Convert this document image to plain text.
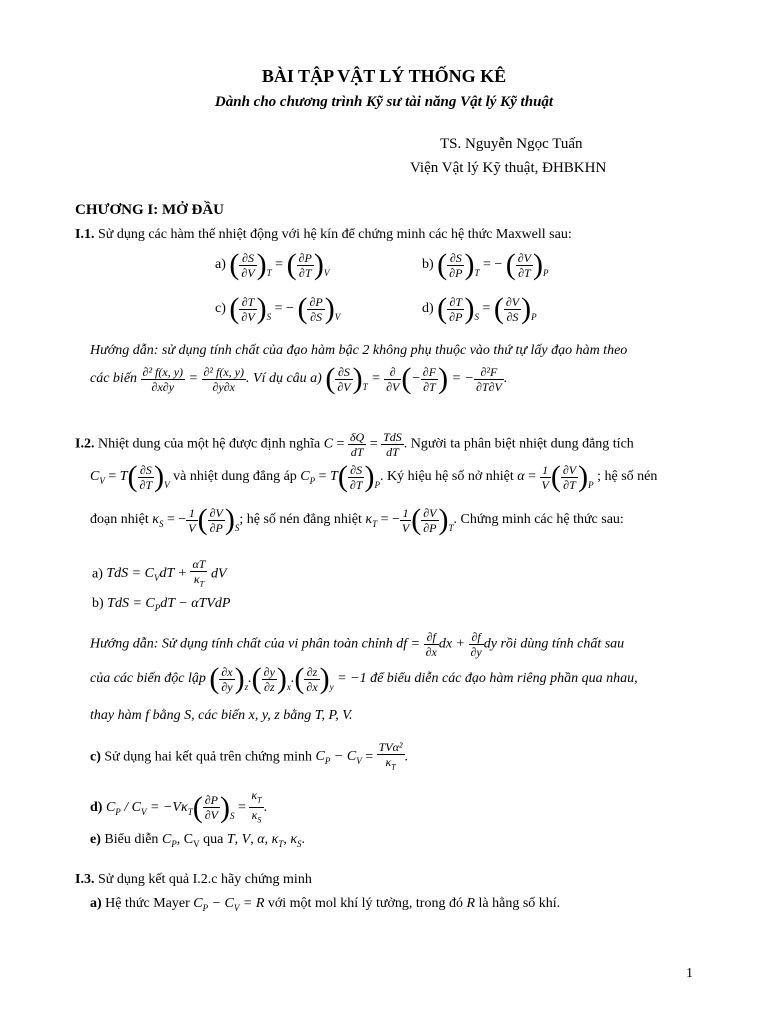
BÀI TẬP VẬT LÝ THỐNG KÊ
Dành cho chương trình Kỹ sư tài năng Vật lý Kỹ thuật
TS. Nguyễn Ngọc Tuấn
Viện Vật lý Kỹ thuật, ĐHBKHN
CHƯƠNG I: MỞ ĐẦU
I.1. Sử dụng các hàm thế nhiệt động với hệ kín để chứng minh các hệ thức Maxwell sau:
a) ( $\frac{\partial S}{\partial V} )_T$ = ( $\frac{\partial P}{\partial T} )_V$
b) ( $\frac{\partial S}{\partial P} )_T$ = − ( $\frac{\partial V}{\partial T} )_P$
c) ( $\frac{\partial T}{\partial V} )_S$ = − ( $\frac{\partial P}{\partial S} )_V$
d) ( $\frac{\partial T}{\partial P} )_S$ = ( $\frac{\partial V}{\partial S} )_P$
Hướng dẫn: sử dụng tính chất của đạo hàm bậc 2 không phụ thuộc vào thứ tự lấy đạo hàm theo
các biến $\frac{\text{∂² f(x, y)}}{\partial x\partial y} = \frac{\text{∂² f(x, y)}}{\partial y\partial x}$ . Ví dụ câu a) ( $\frac{\partial S}{\partial V} )_T = \frac{\partial}{\partial V}$ (− $\frac{\partial F}{\partial T}$ ) = − $\frac{\text{∂²F}}{\partial T\partial V}$ .
I.2. Nhiệt dung của một hệ được định nghĩa $C = \frac{\delta Q}{dT} = \frac{\text{TdS}}{dT}$ . Người ta phân biệt nhiệt dung đẳng tích
$C_V = T( \frac{\partial S}{\partial T} )_V$ và nhiệt dung đẳng áp $C_P = T( \frac{\partial S}{\partial T} )_P$. Ký hiệu hệ số nở nhiệt $\alpha = \frac{1}{V}$ ( $\frac{\partial V}{\partial T} )_P$ ; hệ số nén
đoạn nhiệt $\kappa_S$ = − $\frac{1}{V}$ ( $\frac{\partial V}{\partial P} )_S$; hệ số nén đẳng nhiệt $\kappa_T$ = − $\frac{1}{V}$ ( $\frac{\partial V}{\partial P} )_T$. Chứng minh các hệ thức sau:
a) TdS = $C_VdT + \frac{\alpha T}{\kappa_T}$ dV
b) TdS = $C_PdT$ − αTVdP
Hướng dẫn: Sử dụng tính chất của vi phân toàn chỉnh df = $\frac{\partial f}{\partial x}$ dx + $\frac{\partial f}{\partial y}$ dy rồi dùng tính chất sau
của các biến độc lập ( $\frac{\partial x}{\partial y} )_z.( \frac{\partial y}{\partial z} )_x.( \frac{\partial z}{\partial x} )_y = -1$ để biểu diễn các đạo hàm riêng phần qua nhau,
thay hàm f bằng S, các biến x, y, z bằng T, P, V.
c) Sử dụng hai kết quả trên chứng minh $C_P - C_V = \frac{\text{TVα²}}{\kappa_T}$ .
d) $C_P / C_V = -V\kappa_T( \frac{\partial P}{\partial V} )_S = \frac{\kappa_T}{\kappa_S}$ .
e) Biểu diễn $C_P$, $C_V$ qua T, V, α, $\kappa_T$, $\kappa_S$.
I.3. Sử dụng kết quả I.2.c hãy chứng minh
a) Hệ thức Mayer $C_P - C_V = R$ với một mol khí lý tưởng, trong đó R là hằng số khí.
1
